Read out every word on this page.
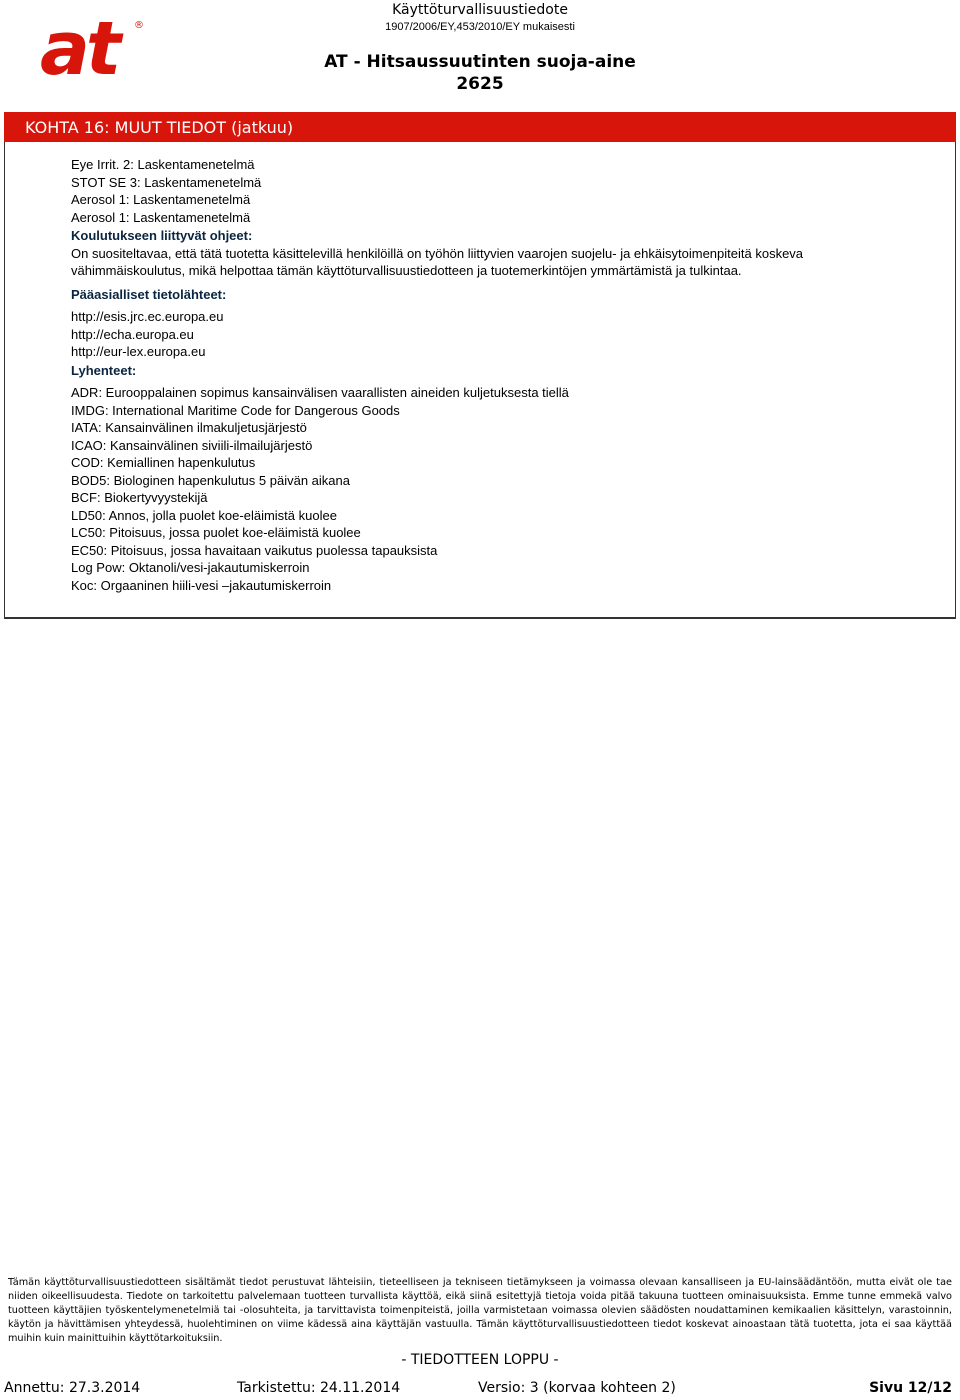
at	®
Käyttöturvallisuustiedote
1907/2006/EY,453/2010/EY mukaisesti
AT - Hitsaussuutinten suoja-aine
2625
KOHTA 16: MUUT TIEDOT (jatkuu)

Eye Irrit. 2: Laskentamenetelmä

STOT SE 3: Laskentamenetelmä

Aerosol 1: Laskentamenetelmä

Aerosol 1: Laskentamenetelmä

Koulutukseen liittyvät ohjeet:

On suositeltavaa, että tätä tuotetta käsittelevillä henkilöillä on työhön liittyvien vaarojen suojelu- ja ehkäisytoimenpiteitä koskeva vähimmäiskoulutus, mikä helpottaa tämän käyttöturvallisuustiedotteen ja tuotemerkintöjen ymmärtämistä ja tulkintaa.

Pääasialliset tietolähteet:

http://esis.jrc.ec.europa.eu

http://echa.europa.eu

http://eur-lex.europa.eu

Lyhenteet:

ADR: Eurooppalainen sopimus kansainvälisen vaarallisten aineiden kuljetuksesta tiellä

IMDG: International Maritime Code for Dangerous Goods

IATA: Kansainvälinen ilmakuljetusjärjestö

ICAO: Kansainvälinen siviili-ilmailujärjestö

COD: Kemiallinen hapenkulutus

BOD5: Biologinen hapenkulutus 5 päivän aikana

BCF: Biokertyvyystekijä

LD50: Annos, jolla puolet koe-eläimistä kuolee

LC50: Pitoisuus, jossa puolet koe-eläimistä kuolee

EC50: Pitoisuus, jossa havaitaan vaikutus puolessa tapauksista

Log Pow: Oktanoli/vesi-jakautumiskerroin

Koc: Orgaaninen hiili-vesi –jakautumiskerroin

Tämän käyttöturvallisuustiedotteen sisältämät tiedot perustuvat lähteisiin, tieteelliseen ja tekniseen tietämykseen ja voimassa olevaan kansalliseen ja EU-lainsäädäntöön, mutta eivät ole tae niiden oikeellisuudesta. Tiedote on tarkoitettu palvelemaan tuotteen turvallista käyttöä, eikä siinä esitettyjä tietoja voida pitää takuuna tuotteen ominaisuuksista. Emme tunne emmekä valvo tuotteen käyttäjien työskentelymenetelmiä tai -olosuhteita, ja tarvittavista toimenpiteistä, joilla varmistetaan voimassa olevien säädösten noudattaminen kemikaalien käsittelyn, varastoinnin, käytön ja hävittämisen yhteydessä, huolehtiminen on viime kädessä aina käyttäjän vastuulla. Tämän käyttöturvallisuustiedotteen tiedot koskevat ainoastaan tätä tuotetta, jota ei saa käyttää muihin kuin mainittuihin käyttötarkoituksiin.
- TIEDOTTEEN LOPPU -
Annettu: 27.3.2014	Tarkistettu: 24.11.2014	Versio: 3 (korvaa kohteen 2)	Sivu 12/12
